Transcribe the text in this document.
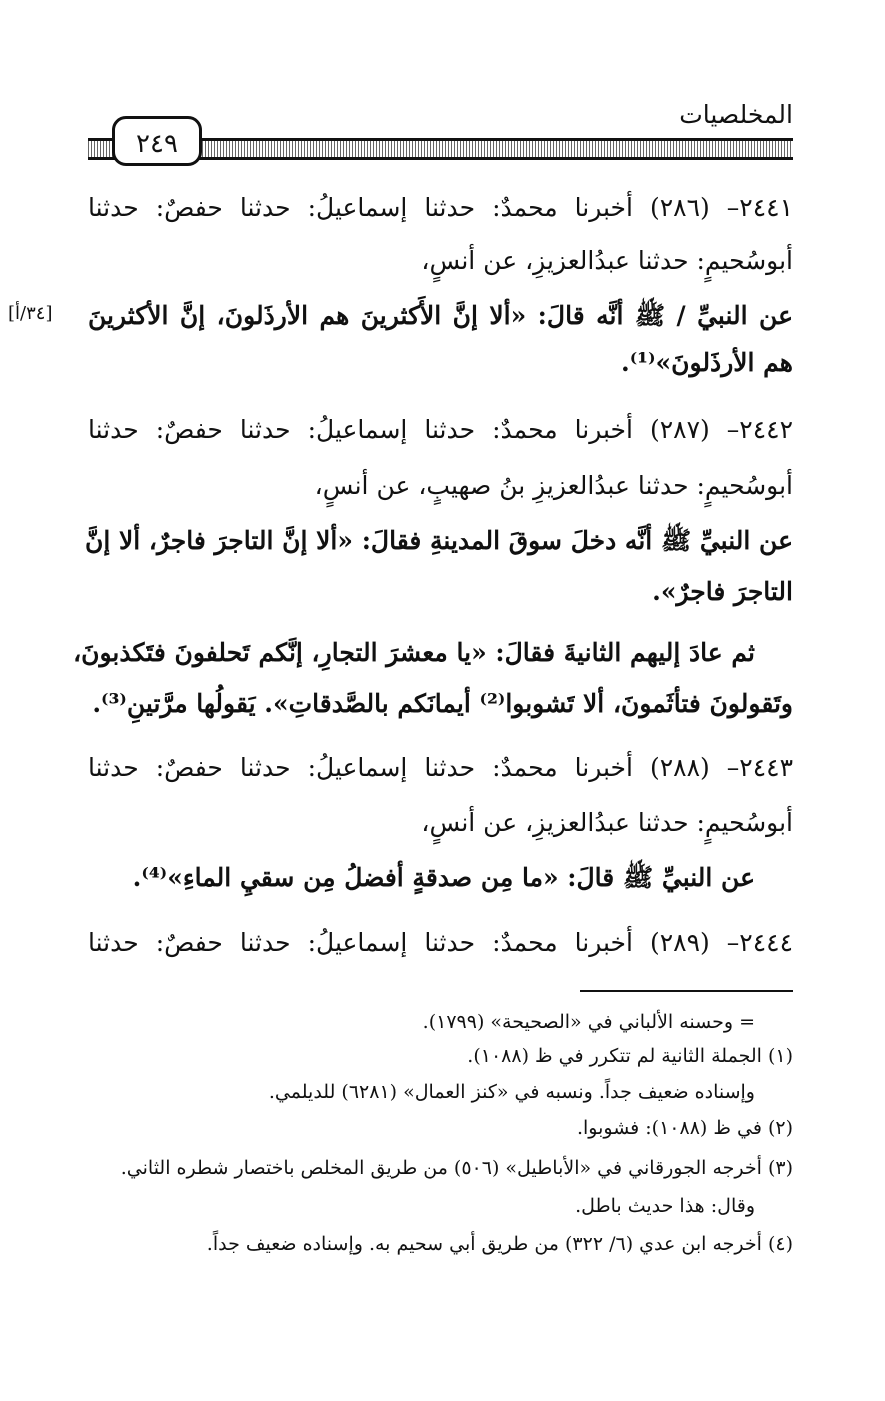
المخلصيات
٢٤٩
[٣٤/أ]
٢٤٤١– (٢٨٦) أخبرنا محمدٌ: حدثنا إسماعيلُ: حدثنا حفصٌ: حدثنا
أبوسُحيمٍ: حدثنا عبدُالعزيزِ، عن أنسٍ،
عن النبيِّ / ﷺ أنَّه قالَ: «ألا إنَّ الأَكثرينَ هم الأرذَلونَ، إنَّ الأكثرينَ
هم الأرذَلونَ»⁽¹⁾.
٢٤٤٢– (٢٨٧) أخبرنا محمدٌ: حدثنا إسماعيلُ: حدثنا حفصٌ: حدثنا
أبوسُحيمٍ: حدثنا عبدُالعزيزِ بنُ صهيبٍ، عن أنسٍ،
عن النبيِّ ﷺ أنَّه دخلَ سوقَ المدينةِ فقالَ: «ألا إنَّ التاجرَ فاجرٌ، ألا إنَّ
التاجرَ فاجرٌ».
ثم عادَ إليهم الثانيةَ فقالَ: «يا معشرَ التجارِ، إنَّكم تَحلفونَ فتَكذبونَ،
وتَقولونَ فتأثَمونَ، ألا تَشوبوا⁽²⁾ أيمانَكم بالصَّدقاتِ». يَقولُها مرَّتينِ⁽³⁾.
٢٤٤٣– (٢٨٨) أخبرنا محمدٌ: حدثنا إسماعيلُ: حدثنا حفصٌ: حدثنا
أبوسُحيمٍ: حدثنا عبدُالعزيزِ، عن أنسٍ،
عن النبيِّ ﷺ قالَ: «ما مِن صدقةٍ أفضلُ مِن سقيِ الماءِ»⁽⁴⁾.
٢٤٤٤– (٢٨٩) أخبرنا محمدٌ: حدثنا إسماعيلُ: حدثنا حفصٌ: حدثنا
= وحسنه الألباني في «الصحيحة» (١٧٩٩).
(١) الجملة الثانية لم تتكرر في ظ (١٠٨٨).
وإسناده ضعيف جداً. ونسبه في «كنز العمال» (٦٢٨١) للديلمي.
(٢) في ظ (١٠٨٨): فشوبوا.
(٣) أخرجه الجورقاني في «الأباطيل» (٥٠٦) من طريق المخلص باختصار شطره الثاني.
وقال: هذا حديث باطل.
(٤) أخرجه ابن عدي (٦/ ٣٢٢) من طريق أبي سحيم به. وإسناده ضعيف جداً.
